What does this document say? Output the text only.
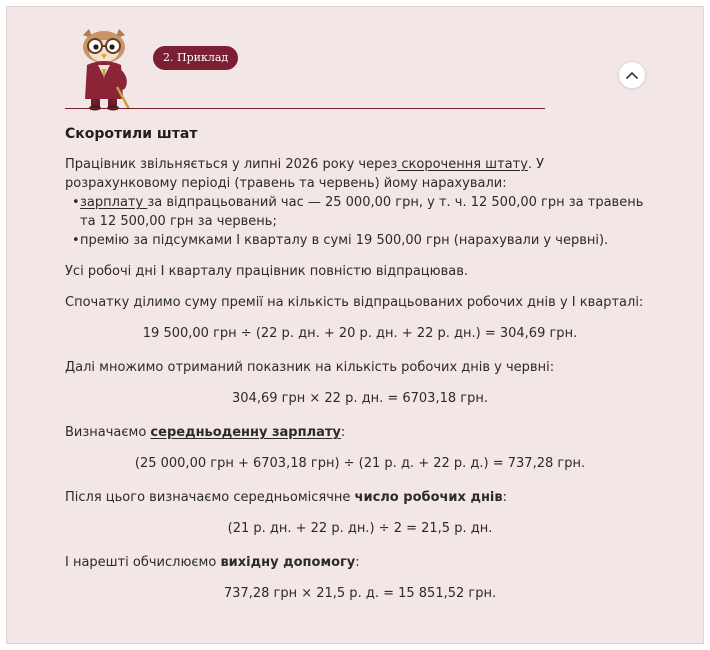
2. Приклад
Скоротили штат
Працівник звільняється у липні 2026 року через скорочення штату. У розрахунковому періоді (травень та червень) йому нарахували:
• зарплату за відпрацьований час — 25 000,00 грн, у т. ч. 12 500,00 грн за травень та 12 500,00 грн за червень;
• премію за підсумками І кварталу в сумі 19 500,00 грн (нарахували у червні).
Усі робочі дні І кварталу працівник повністю відпрацював.
Спочатку ділимо суму премії на кількість відпрацьованих робочих днів у І кварталі:
19 500,00 грн ÷ (22 р. дн. + 20 р. дн. + 22 р. дн.) = 304,69 грн.
Далі множимо отриманий показник на кількість робочих днів у червні:
304,69 грн × 22 р. дн. = 6703,18 грн.
Визначаємо середньоденну зарплату:
(25 000,00 грн + 6703,18 грн) ÷ (21 р. д. + 22 р. д.) = 737,28 грн.
Після цього визначаємо середньомісячне число робочих днів:
(21 р. дн. + 22 р. дн.) ÷ 2 = 21,5 р. дн.
І нарешті обчислюємо вихідну допомогу:
737,28 грн × 21,5 р. д. = 15 851,52 грн.
